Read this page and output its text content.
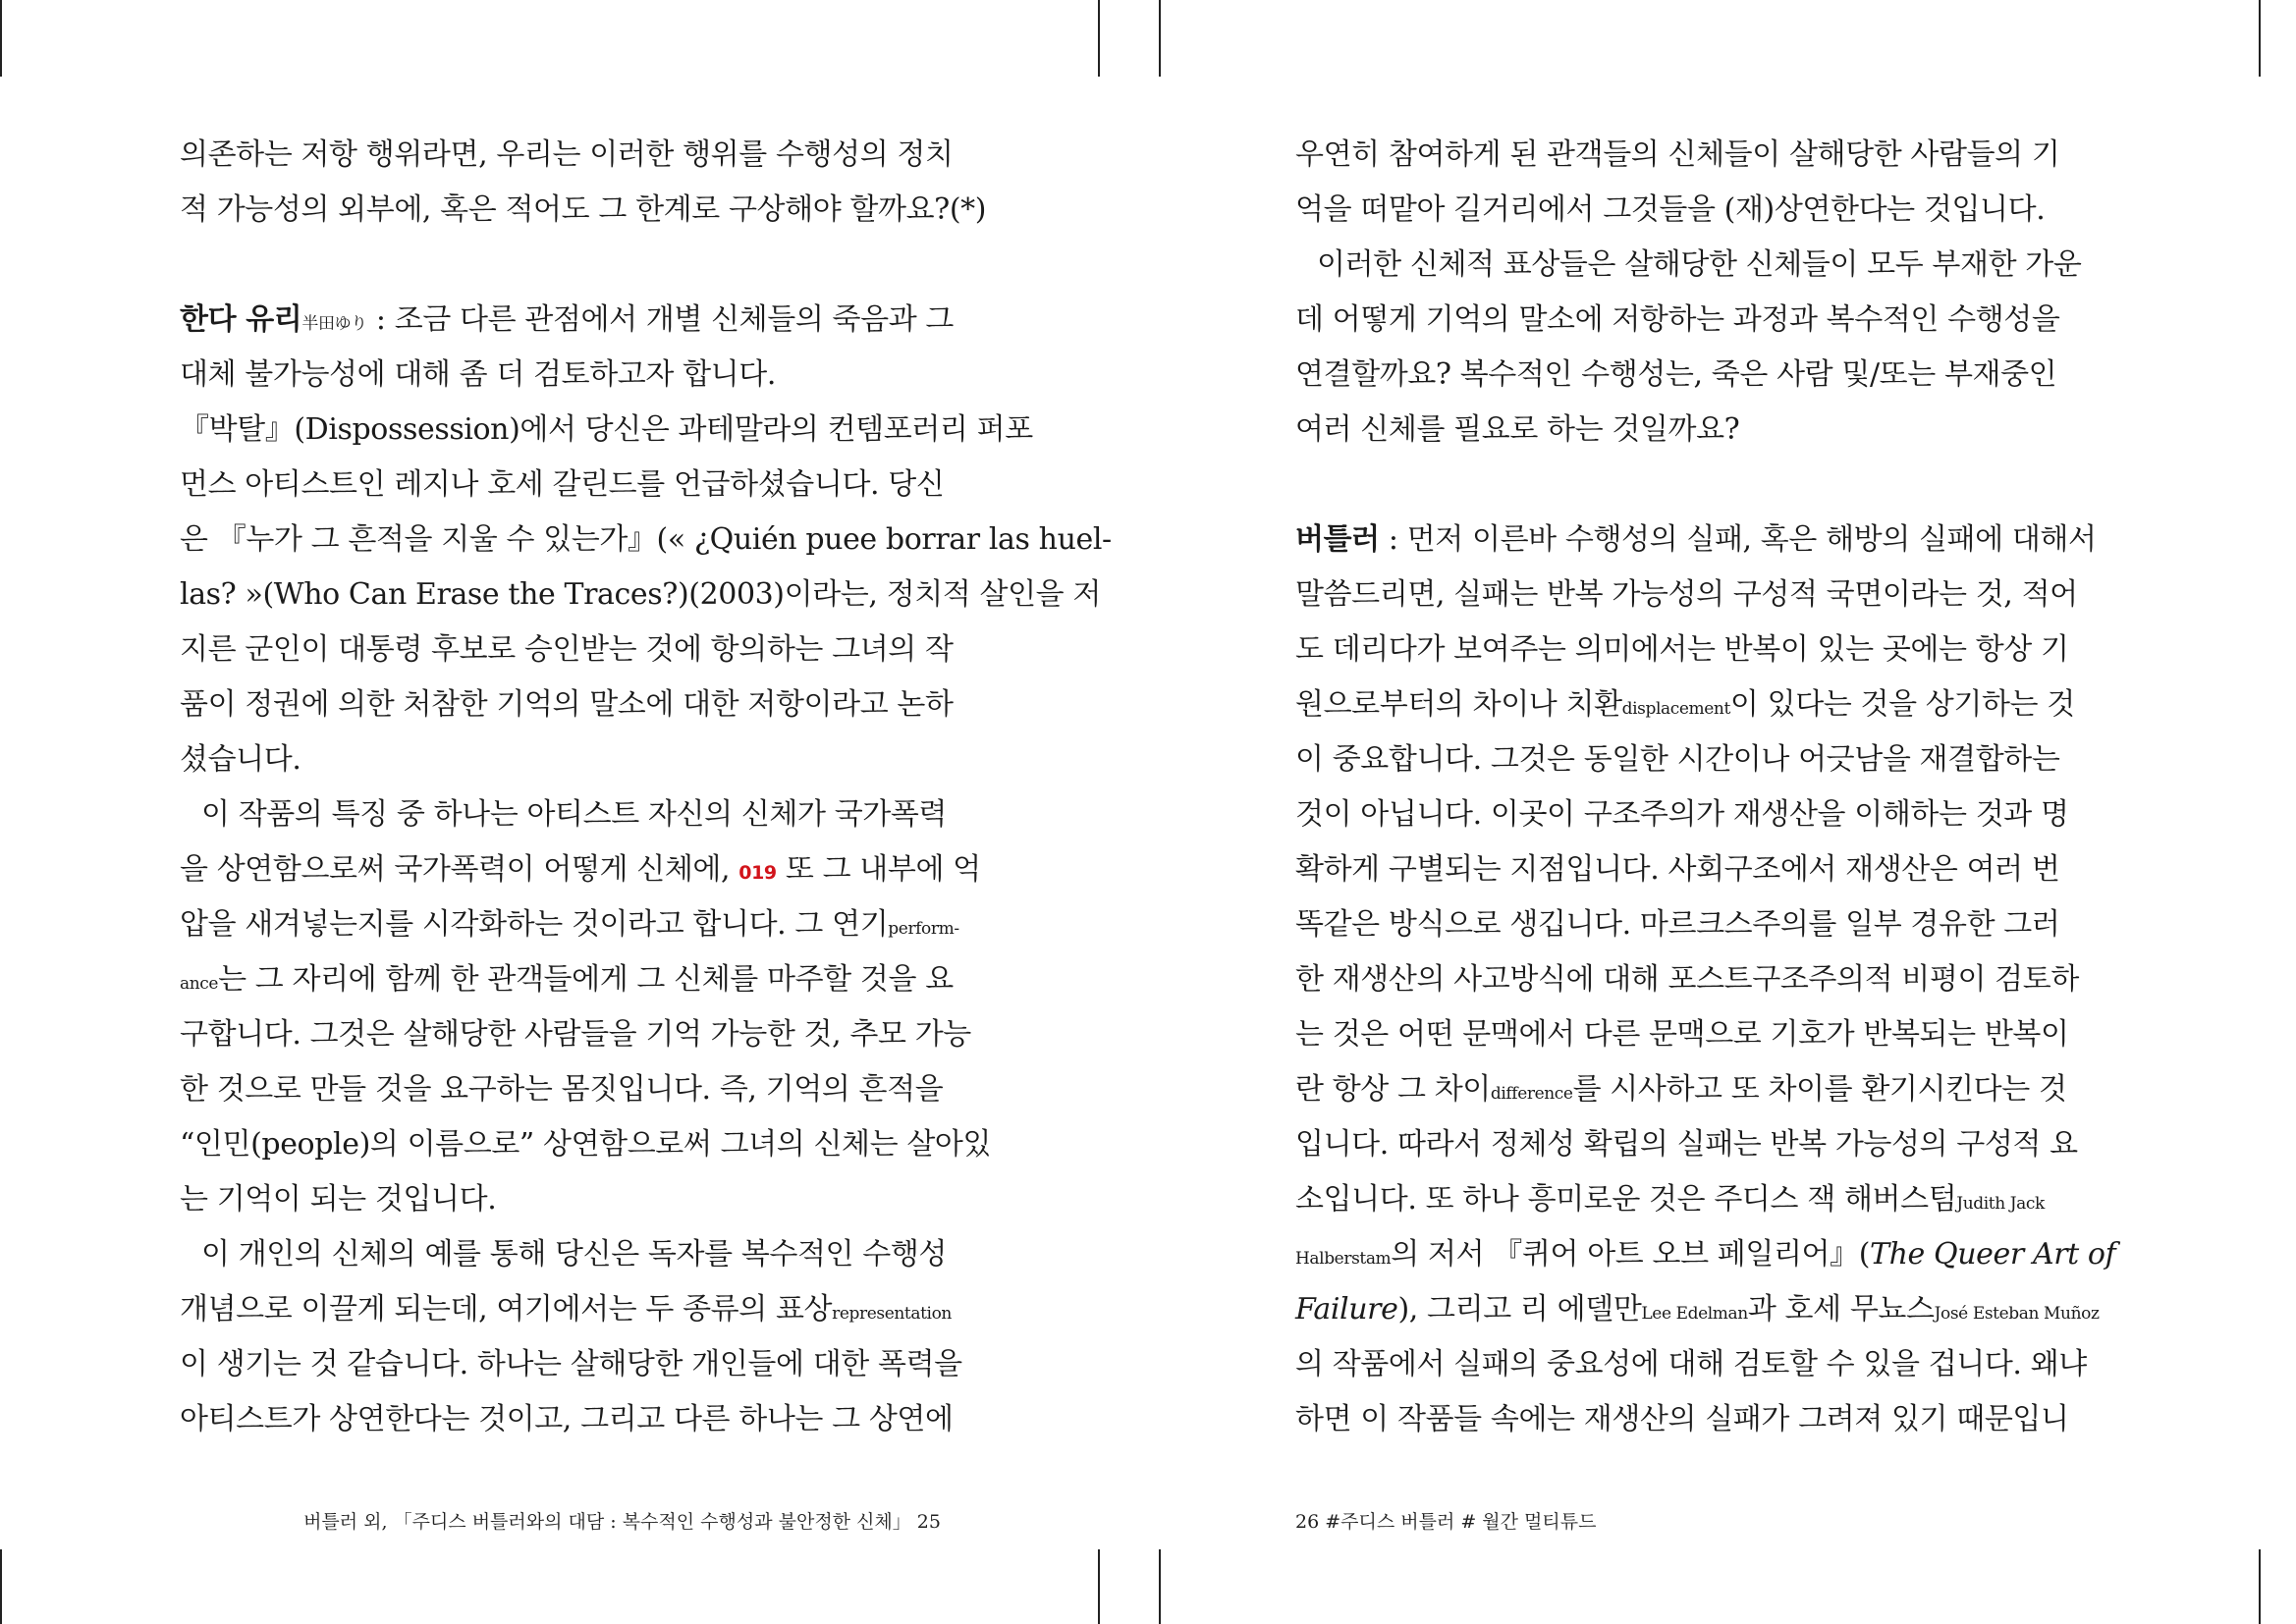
의존하는 저항 행위라면, 우리는 이러한 행위를 수행성의 정치
적 가능성의 외부에, 혹은 적어도 그 한계로 구상해야 할까요?(*)
한다 유리半田ゆり : 조금 다른 관점에서 개별 신체들의 죽음과 그
대체 불가능성에 대해 좀 더 검토하고자 합니다.
『박탈』(Dispossession)에서 당신은 과테말라의 컨템포러리 퍼포
먼스 아티스트인 레지나 호세 갈린드를 언급하셨습니다. 당신
은 『누가 그 흔적을 지울 수 있는가』(« ¿Quién puee borrar las huel-
las? »(Who Can Erase the Traces?)(2003)이라는, 정치적 살인을 저
지른 군인이 대통령 후보로 승인받는 것에 항의하는 그녀의 작
품이 정권에 의한 처참한 기억의 말소에 대한 저항이라고 논하
셨습니다.
이 작품의 특징 중 하나는 아티스트 자신의 신체가 국가폭력
을 상연함으로써 국가폭력이 어떻게 신체에, 019 또 그 내부에 억
압을 새겨넣는지를 시각화하는 것이라고 합니다. 그 연기perform-
ance는 그 자리에 함께 한 관객들에게 그 신체를 마주할 것을 요
구합니다. 그것은 살해당한 사람들을 기억 가능한 것, 추모 가능
한 것으로 만들 것을 요구하는 몸짓입니다. 즉, 기억의 흔적을
“인민(people)의 이름으로” 상연함으로써 그녀의 신체는 살아있
는 기억이 되는 것입니다.
이 개인의 신체의 예를 통해 당신은 독자를 복수적인 수행성
개념으로 이끌게 되는데, 여기에서는 두 종류의 표상representation
이 생기는 것 같습니다. 하나는 살해당한 개인들에 대한 폭력을
아티스트가 상연한다는 것이고, 그리고 다른 하나는 그 상연에
버틀러 외, 「주디스 버틀러와의 대담 : 복수적인 수행성과 불안정한 신체」 25
우연히 참여하게 된 관객들의 신체들이 살해당한 사람들의 기
억을 떠맡아 길거리에서 그것들을 (재)상연한다는 것입니다.
이러한 신체적 표상들은 살해당한 신체들이 모두 부재한 가운
데 어떻게 기억의 말소에 저항하는 과정과 복수적인 수행성을
연결할까요? 복수적인 수행성는, 죽은 사람 및/또는 부재중인
여러 신체를 필요로 하는 것일까요?
버틀러 : 먼저 이른바 수행성의 실패, 혹은 해방의 실패에 대해서
말씀드리면, 실패는 반복 가능성의 구성적 국면이라는 것, 적어
도 데리다가 보여주는 의미에서는 반복이 있는 곳에는 항상 기
원으로부터의 차이나 치환displacement이 있다는 것을 상기하는 것
이 중요합니다. 그것은 동일한 시간이나 어긋남을 재결합하는
것이 아닙니다. 이곳이 구조주의가 재생산을 이해하는 것과 명
확하게 구별되는 지점입니다. 사회구조에서 재생산은 여러 번
똑같은 방식으로 생깁니다. 마르크스주의를 일부 경유한 그러
한 재생산의 사고방식에 대해 포스트구조주의적 비평이 검토하
는 것은 어떤 문맥에서 다른 문맥으로 기호가 반복되는 반복이
란 항상 그 차이difference를 시사하고 또 차이를 환기시킨다는 것
입니다. 따라서 정체성 확립의 실패는 반복 가능성의 구성적 요
소입니다. 또 하나 흥미로운 것은 주디스 잭 해버스텀Judith Jack
Halberstam의 저서 『퀴어 아트 오브 페일리어』(The Queer Art of
Failure), 그리고 리 에델만Lee Edelman과 호세 무뇨스José Esteban Muñoz
의 작품에서 실패의 중요성에 대해 검토할 수 있을 겁니다. 왜냐
하면 이 작품들 속에는 재생산의 실패가 그려져 있기 때문입니
26 #주디스 버틀러 # 월간 멀티튜드
